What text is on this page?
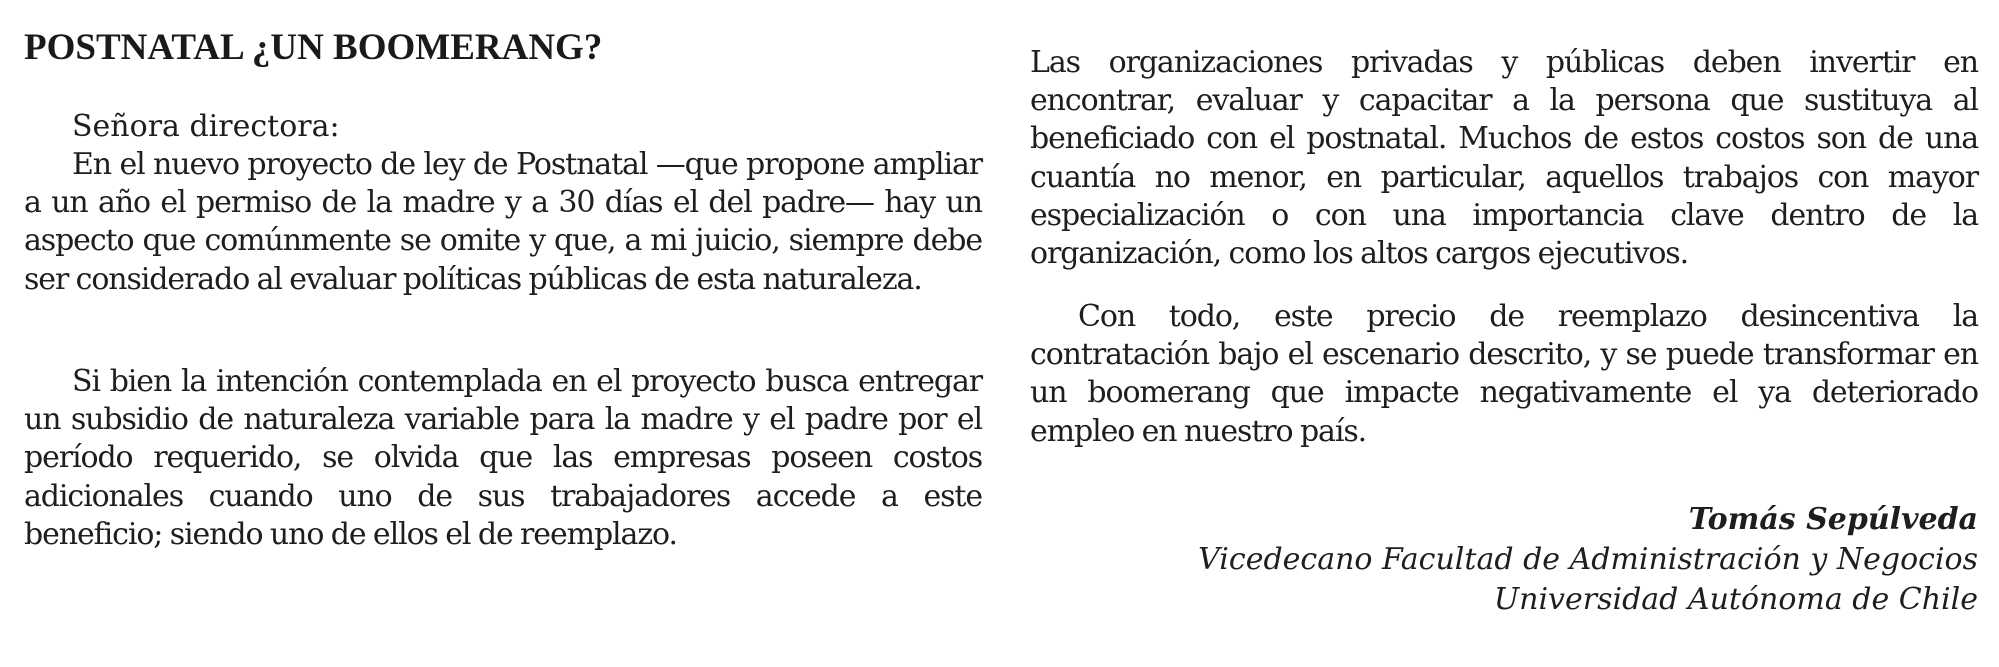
POSTNATAL ¿UN BOOMERANG?

Señora directora:

En el nuevo proyecto de ley de Postnatal —que propone ampliar a un año el permiso de la madre y a 30 días el del padre— hay un aspecto que comúnmente se omite y que, a mi juicio, siempre debe ser considerado al evaluar políticas públicas de esta naturaleza.

Si bien la intención contemplada en el proyecto busca entregar un subsidio de naturaleza variable para la madre y el padre por el período requerido, se olvida que las empresas poseen costos adicionales cuando uno de sus trabajadores accede a este beneficio; siendo uno de ellos el de reemplazo.

Las organizaciones privadas y públicas deben invertir en encontrar, evaluar y capacitar a la persona que sustituya al beneficiado con el postnatal. Muchos de estos costos son de una cuantía no menor, en particular, aquellos trabajos con mayor especialización o con una importancia clave dentro de la organización, como los altos cargos ejecutivos.

Con todo, este precio de reemplazo desincentiva la contratación bajo el escenario descrito, y se puede transformar en un boomerang que impacte negativamente el ya deteriorado empleo en nuestro país.

Tomás Sepúlveda
Vicedecano Facultad de Administración y Negocios
Universidad Autónoma de Chile
